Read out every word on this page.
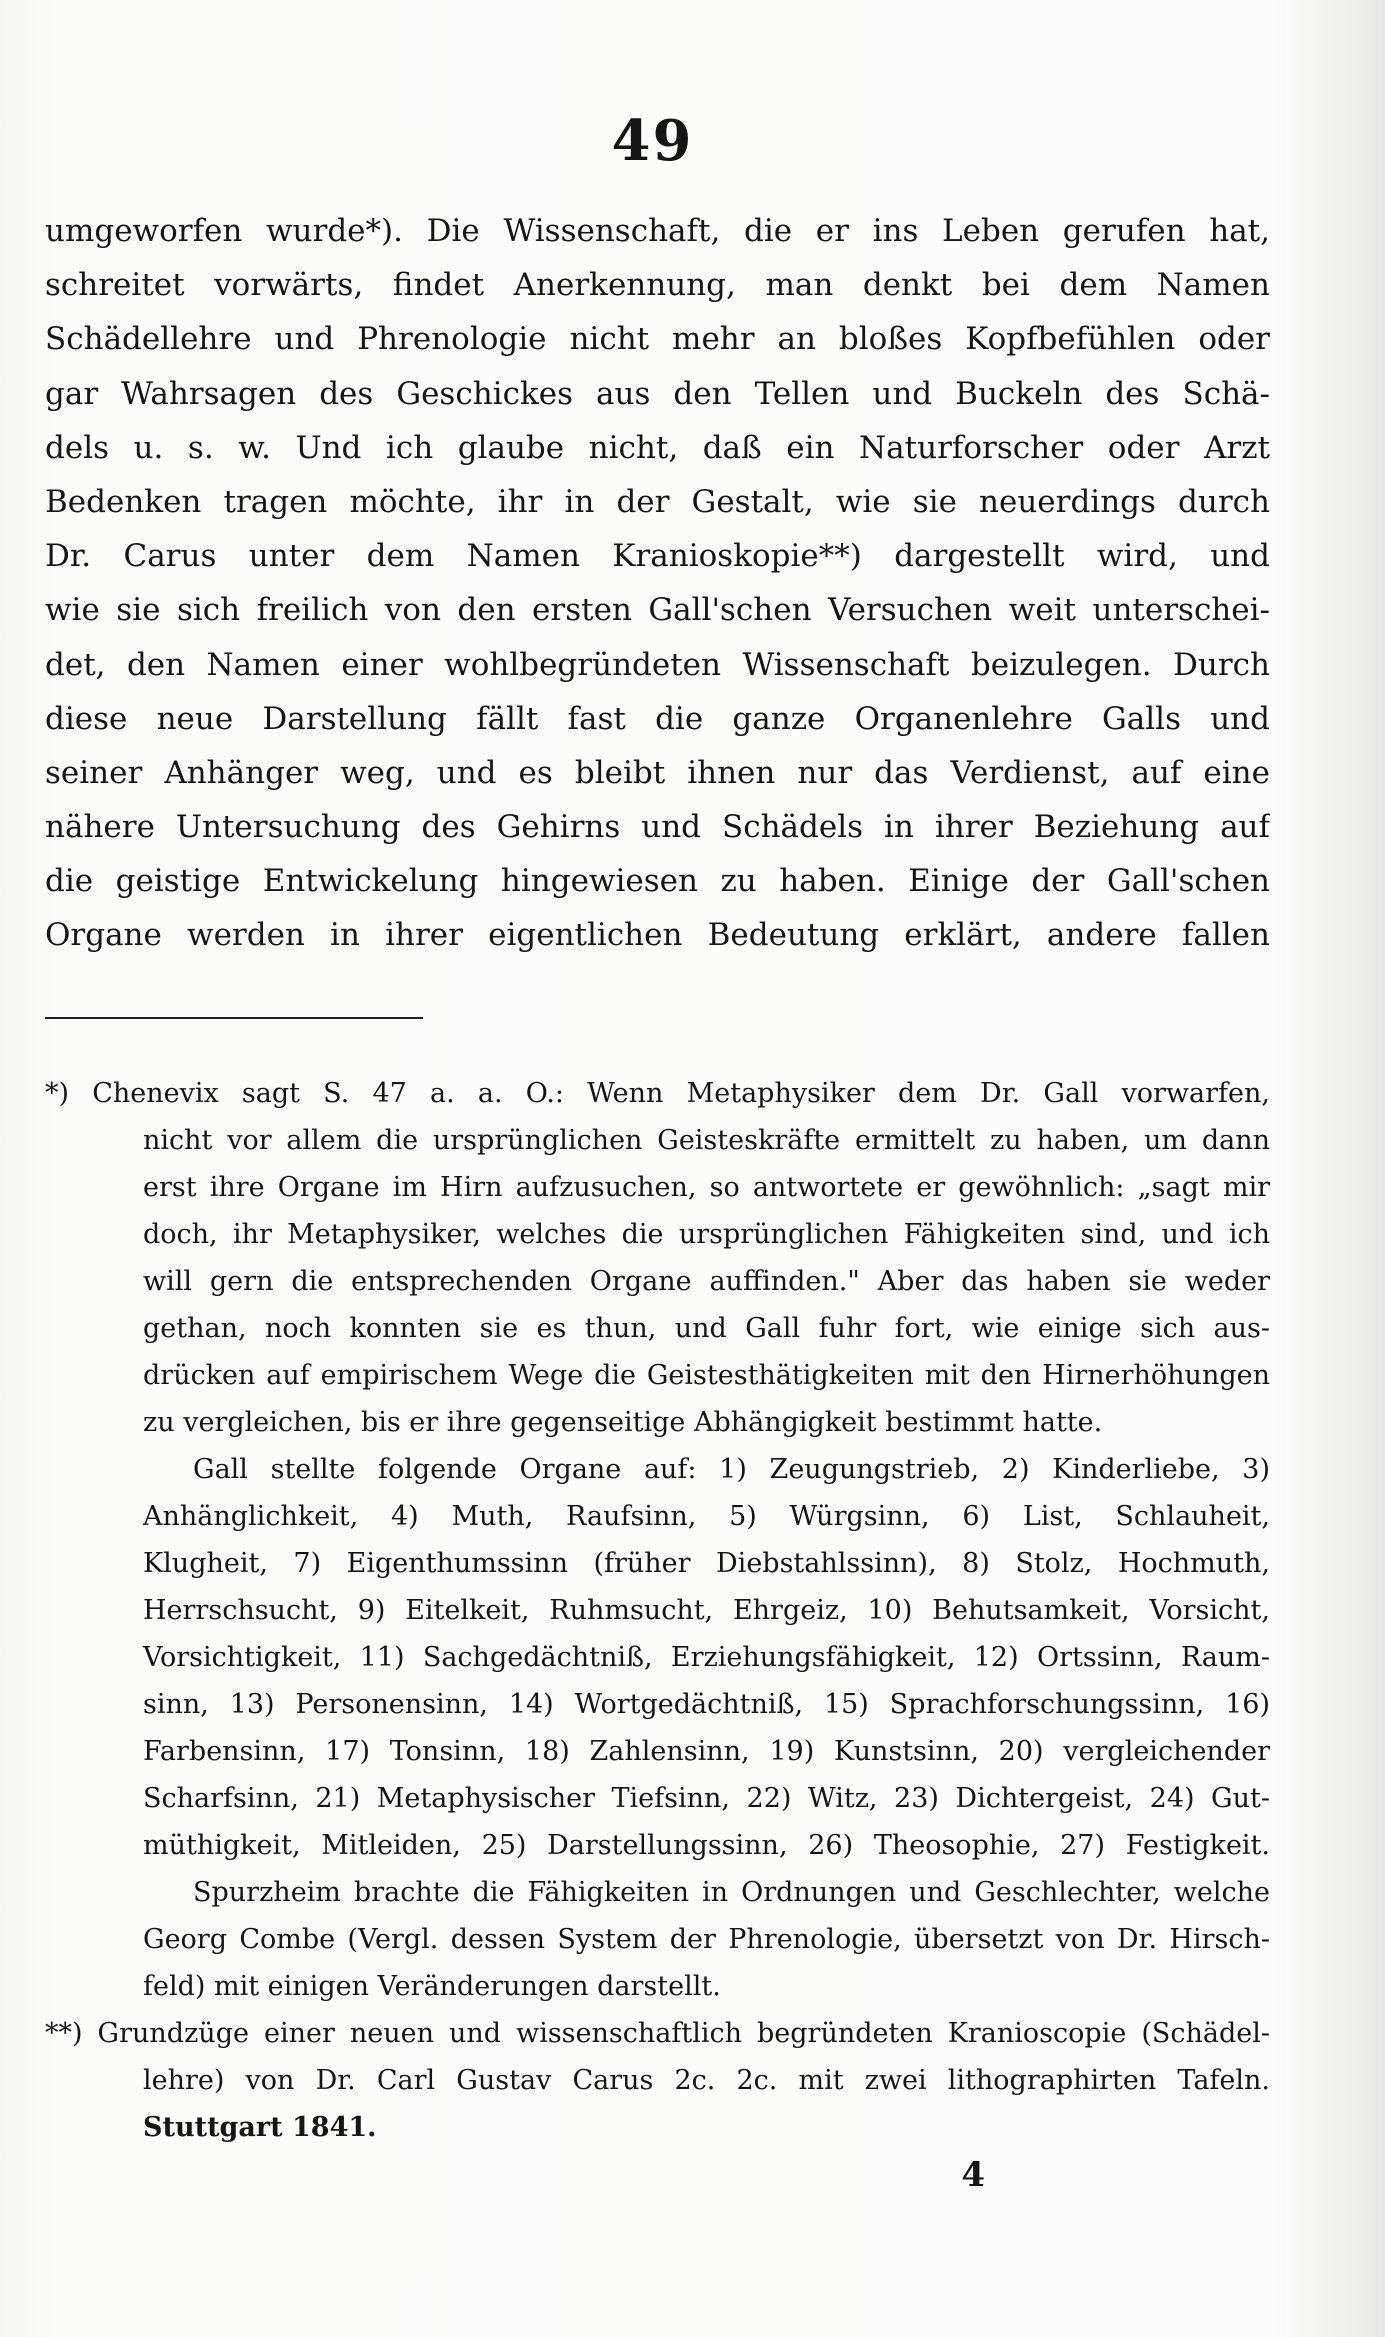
49
umgeworfen wurde*). Die Wissenschaft, die er ins Leben gerufen hat,
schreitet vorwärts, findet Anerkennung, man denkt bei dem Namen
Schädellehre und Phrenologie nicht mehr an bloßes Kopfbefühlen oder
gar Wahrsagen des Geschickes aus den Tellen und Buckeln des Schä-
dels u. s. w. Und ich glaube nicht, daß ein Naturforscher oder Arzt
Bedenken tragen möchte, ihr in der Gestalt, wie sie neuerdings durch
Dr. Carus unter dem Namen Kranioskopie**) dargestellt wird, und
wie sie sich freilich von den ersten Gall'schen Versuchen weit unterschei-
det, den Namen einer wohlbegründeten Wissenschaft beizulegen. Durch
diese neue Darstellung fällt fast die ganze Organenlehre Galls und
seiner Anhänger weg, und es bleibt ihnen nur das Verdienst, auf eine
nähere Untersuchung des Gehirns und Schädels in ihrer Beziehung auf
die geistige Entwickelung hingewiesen zu haben. Einige der Gall'schen
Organe werden in ihrer eigentlichen Bedeutung erklärt, andere fallen
*) Chenevix sagt S. 47 a. a. O.: Wenn Metaphysiker dem Dr. Gall vorwarfen,
nicht vor allem die ursprünglichen Geisteskräfte ermittelt zu haben, um dann
erst ihre Organe im Hirn aufzusuchen, so antwortete er gewöhnlich: „sagt mir
doch, ihr Metaphysiker, welches die ursprünglichen Fähigkeiten sind, und ich
will gern die entsprechenden Organe auffinden." Aber das haben sie weder
gethan, noch konnten sie es thun, und Gall fuhr fort, wie einige sich aus-
drücken auf empirischem Wege die Geistesthätigkeiten mit den Hirnerhöhungen
zu vergleichen, bis er ihre gegenseitige Abhängigkeit bestimmt hatte.
Gall stellte folgende Organe auf: 1) Zeugungstrieb, 2) Kinderliebe, 3)
Anhänglichkeit, 4) Muth, Raufsinn, 5) Würgsinn, 6) List, Schlauheit,
Klugheit, 7) Eigenthumssinn (früher Diebstahlssinn), 8) Stolz, Hochmuth,
Herrschsucht, 9) Eitelkeit, Ruhmsucht, Ehrgeiz, 10) Behutsamkeit, Vorsicht,
Vorsichtigkeit, 11) Sachgedächtniß, Erziehungsfähigkeit, 12) Ortssinn, Raum-
sinn, 13) Personensinn, 14) Wortgedächtniß, 15) Sprachforschungssinn, 16)
Farbensinn, 17) Tonsinn, 18) Zahlensinn, 19) Kunstsinn, 20) vergleichender
Scharfsinn, 21) Metaphysischer Tiefsinn, 22) Witz, 23) Dichtergeist, 24) Gut-
müthigkeit, Mitleiden, 25) Darstellungssinn, 26) Theosophie, 27) Festigkeit.
Spurzheim brachte die Fähigkeiten in Ordnungen und Geschlechter, welche
Georg Combe (Vergl. dessen System der Phrenologie, übersetzt von Dr. Hirsch-
feld) mit einigen Veränderungen darstellt.
**) Grundzüge einer neuen und wissenschaftlich begründeten Kranioscopie (Schädel-
lehre) von Dr. Carl Gustav Carus 2c. 2c. mit zwei lithographirten Tafeln.
Stuttgart 1841.
4
